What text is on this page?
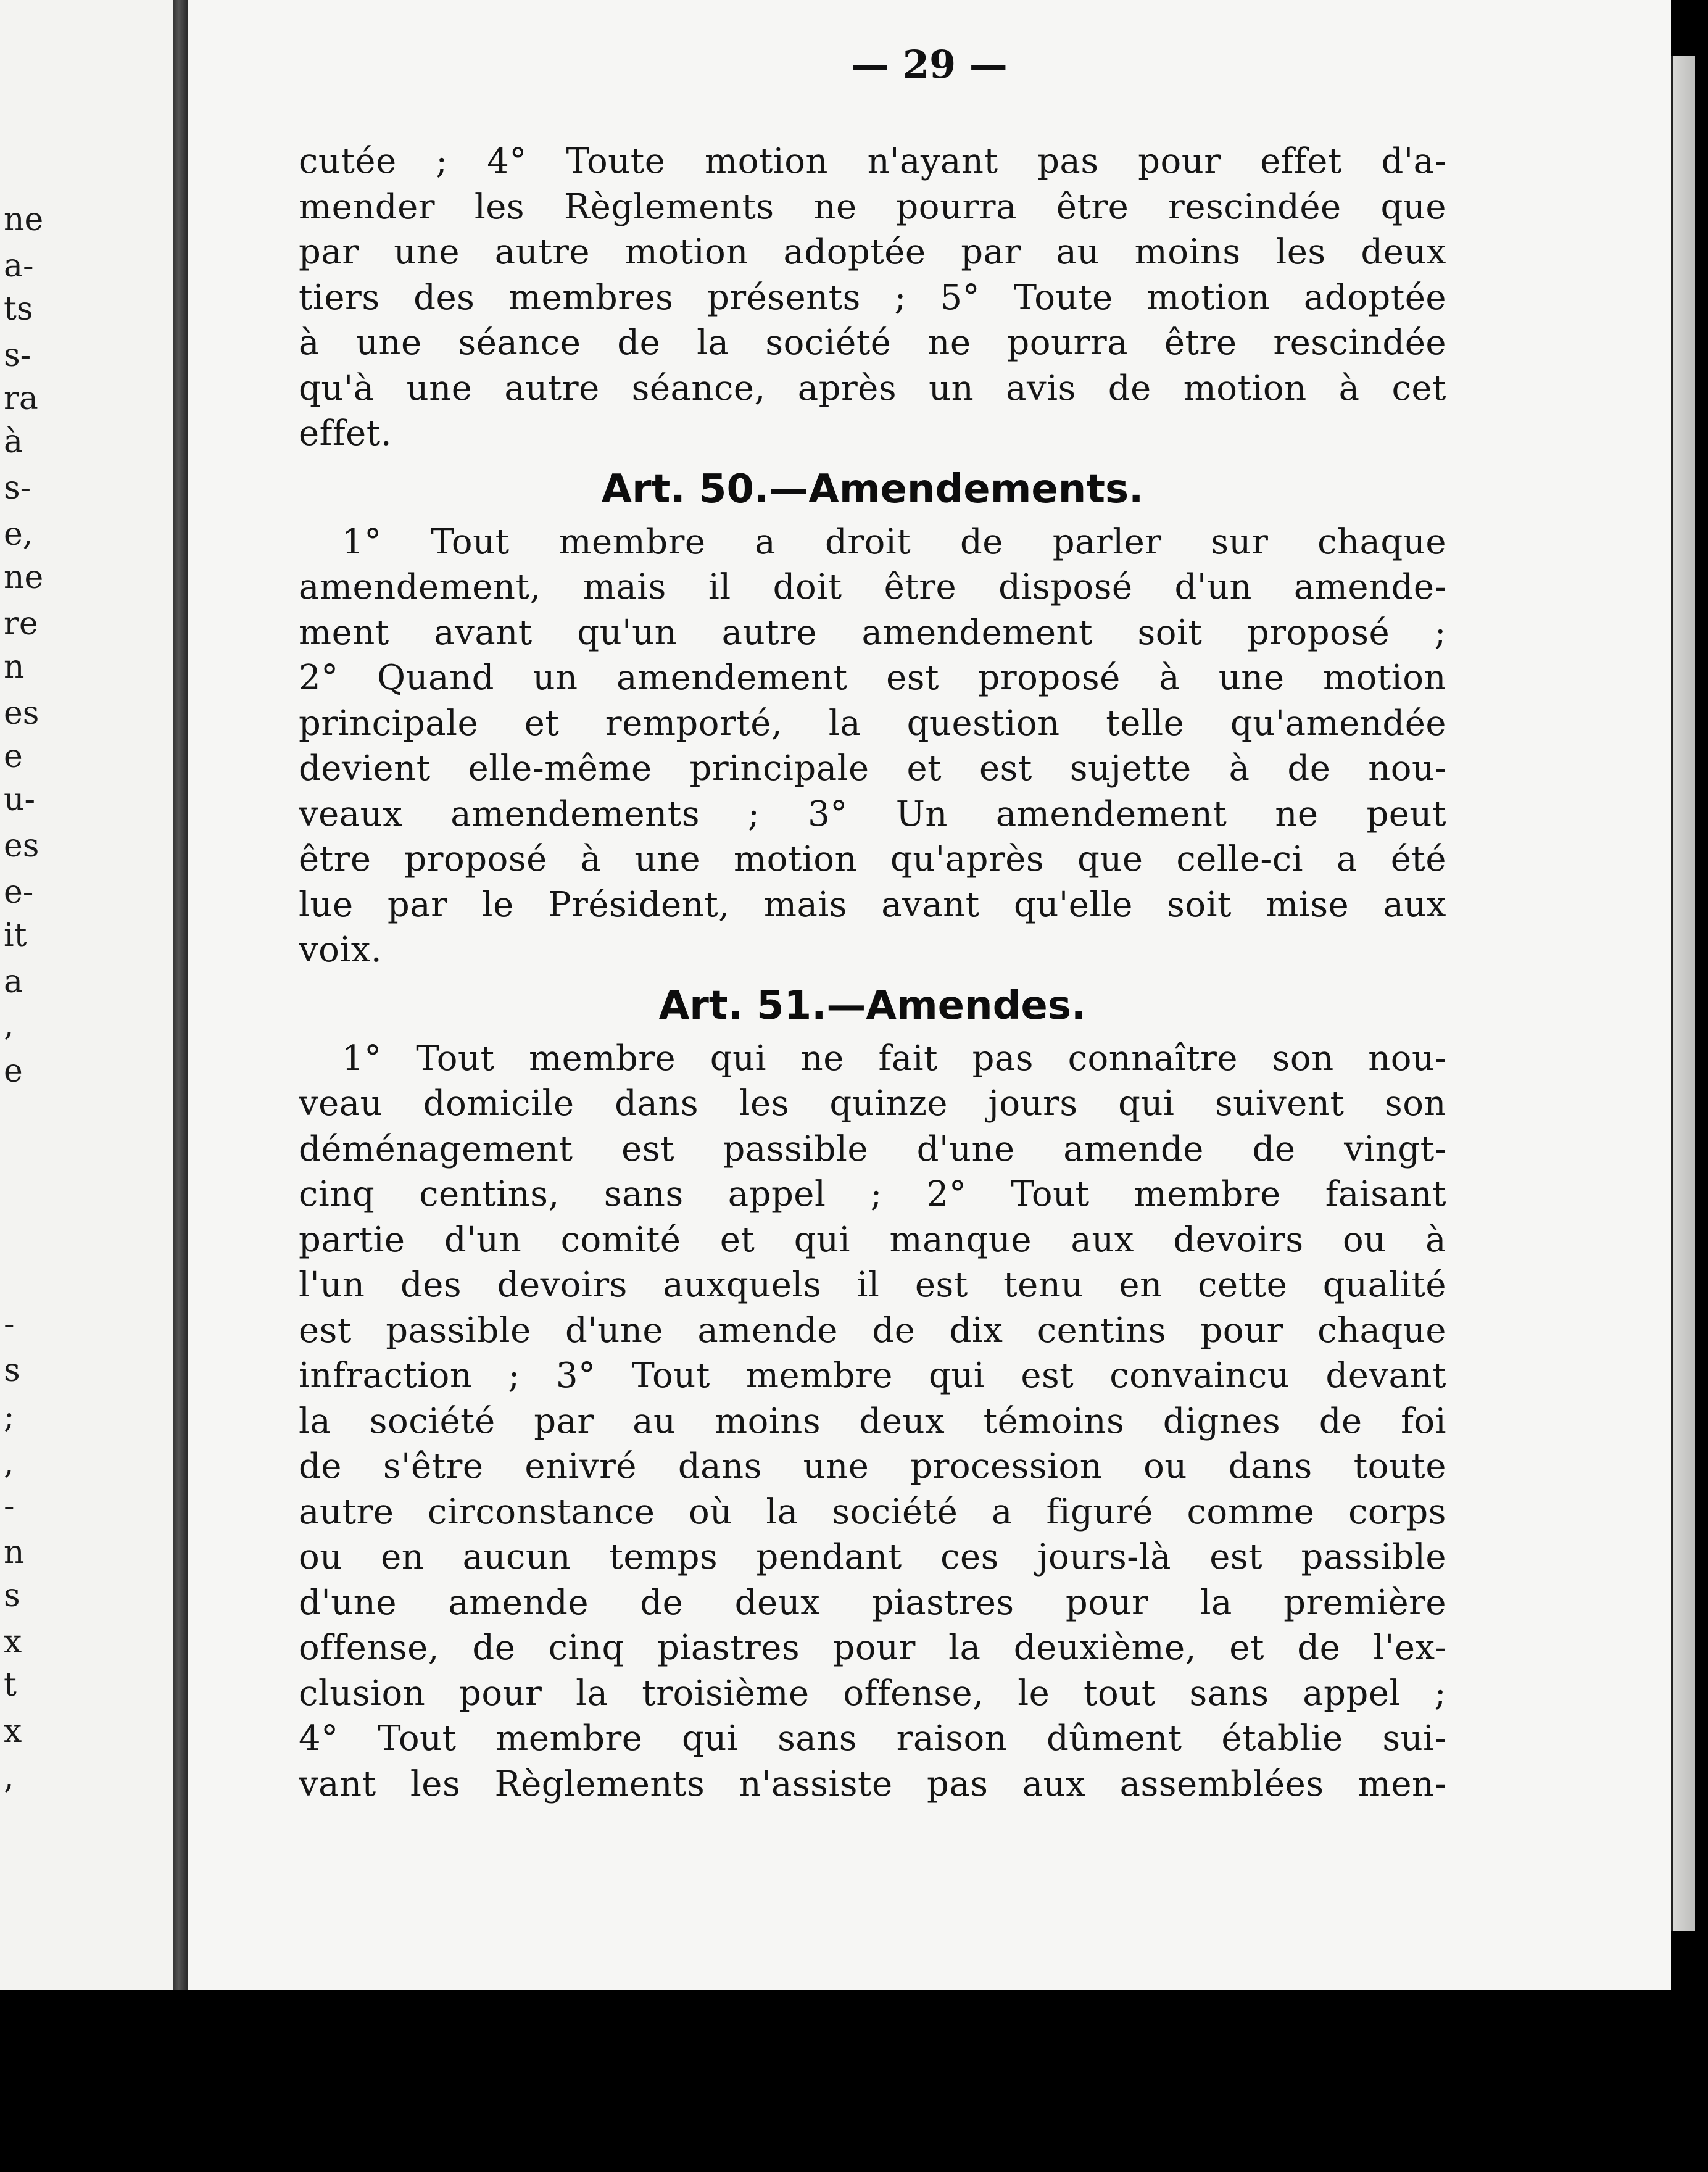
ne
a-
ts
s-
ra
à
s-
e,
ne
re
n
es
e
u-
es
e-
it
a
,
e
-
s
;
,
-
n
s
x
t
x
,
— 29 —
cutée ; 4° Toute motion n'ayant pas pour effet d'a-
mender les Règlements ne pourra être rescindée que
par une autre motion adoptée par au moins les deux
tiers des membres présents ; 5° Toute motion adoptée
à une séance de la société ne pourra être rescindée
qu'à une autre séance, après un avis de motion à cet
effet.
Art. 50.—Amendements.
1° Tout membre a droit de parler sur chaque
amendement, mais il doit être disposé d'un amende-
ment avant qu'un autre amendement soit proposé ;
2° Quand un amendement est proposé à une motion
principale et remporté, la question telle qu'amendée
devient elle-même principale et est sujette à de nou-
veaux amendements ; 3° Un amendement ne peut
être proposé à une motion qu'après que celle-ci a été
lue par le Président, mais avant qu'elle soit mise aux
voix.
Art. 51.—Amendes.
1° Tout membre qui ne fait pas connaître son nou-
veau domicile dans les quinze jours qui suivent son
déménagement est passible d'une amende de vingt-
cinq centins, sans appel ; 2° Tout membre faisant
partie d'un comité et qui manque aux devoirs ou à
l'un des devoirs auxquels il est tenu en cette qualité
est passible d'une amende de dix centins pour chaque
infraction ; 3° Tout membre qui est convaincu devant
la société par au moins deux témoins dignes de foi
de s'être enivré dans une procession ou dans toute
autre circonstance où la société a figuré comme corps
ou en aucun temps pendant ces jours-là est passible
d'une amende de deux piastres pour la première
offense, de cinq piastres pour la deuxième, et de l'ex-
clusion pour la troisième offense, le tout sans appel ;
4° Tout membre qui sans raison dûment établie sui-
vant les Règlements n'assiste pas aux assemblées men-
